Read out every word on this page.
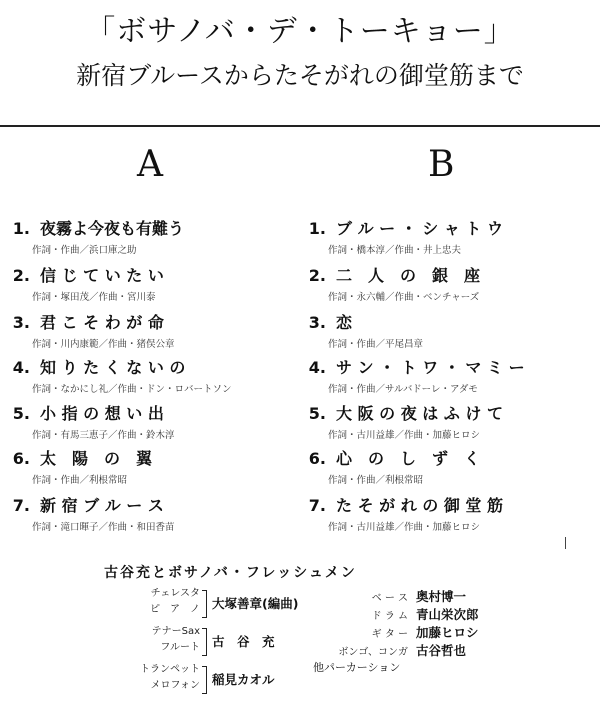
「ボサノバ・デ・トーキョー」
新宿ブルースからたそがれの御堂筋まで
A	B
1. 夜霧よ今夜も有難う
作詞・作曲／浜口庫之助
2. 信 じ て い た い
作詞・塚田茂／作曲・宮川泰
3. 君 こ そ わ が 命
作詞・川内康範／作曲・猪俣公章
4. 知 り た く な い の
作詞・なかにし礼／作曲・ドン・ロバートソン
5. 小 指 の 想 い 出
作詞・有馬三恵子／作曲・鈴木淳
6. 太　陽　の　翼
作詞・作曲／利根常昭
7. 新 宿 ブ ル ー ス
作詞・滝口暉子／作曲・和田香苗
1. ブ ル ー ・ シ ャ ト ウ
作詞・橋本淳／作曲・井上忠夫
2. 二　人　の　銀　座
作詞・永六輔／作曲・ベンチャーズ
3. 恋
作詞・作曲／平尾昌章
4. サ ン ・ ト ワ ・ マ ミ ー
作詞・作曲／サルバドーレ・アダモ
5. 大 阪 の 夜 は ふ け て
作詞・古川益雄／作曲・加藤ヒロシ
6. 心　の　し　ず　く
作詞・作曲／利根常昭
7. た そ が れ の 御 堂 筋
作詞・古川益雄／作曲・加藤ヒロシ
古谷充とボサノバ・フレッシュメン
チェレスタ
ピ　ア　ノ 大塚善章(編曲)
テナーSax
フルート 古　谷　充
トランペット
メロフォン 稲見カオル
ベ ー ス 奥村博一
ド ラ ム 青山栄次郎
ギ タ ー 加藤ヒロシ
ボンゴ、コンガ 古谷哲也
他パーカーション
